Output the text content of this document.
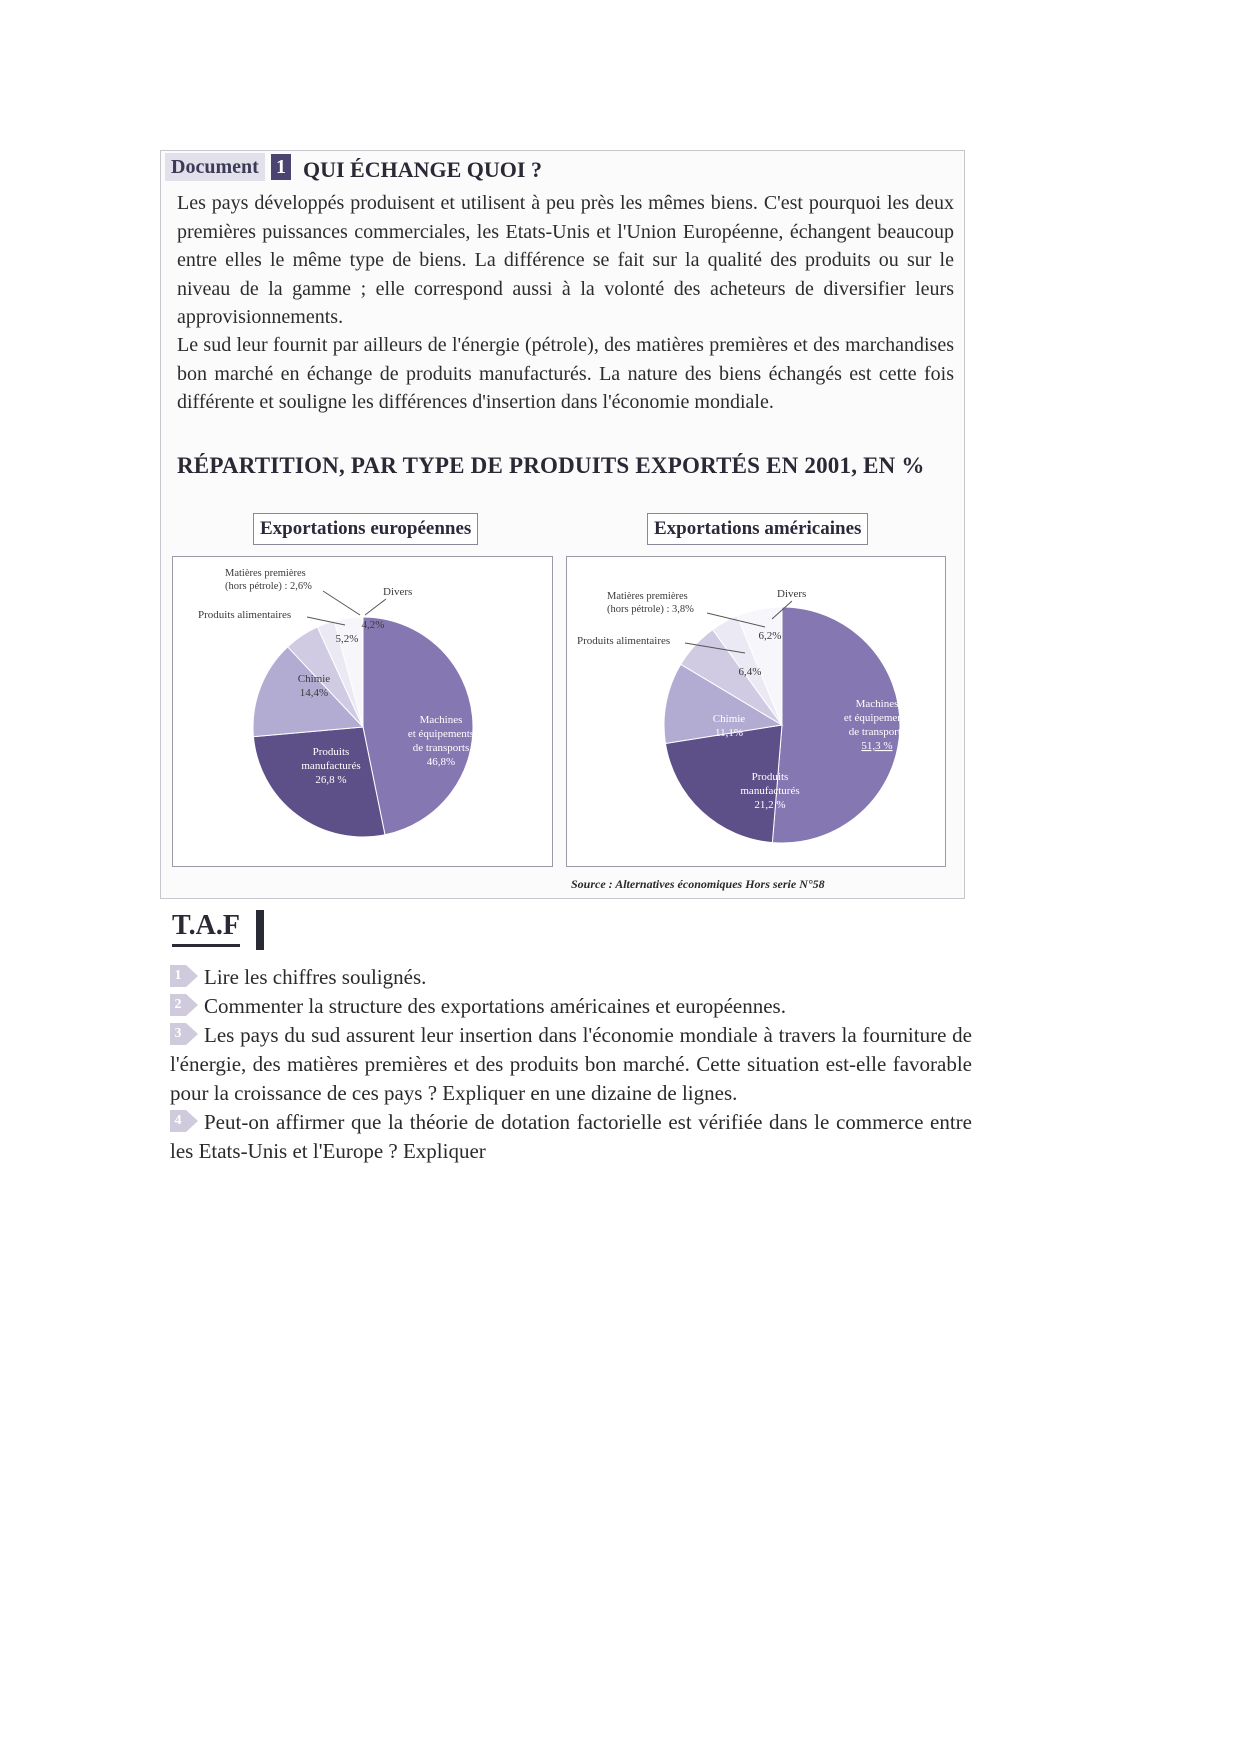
Document 1 QUI ÉCHANGE QUOI ?

Les pays développés produisent et utilisent à peu près les mêmes biens. C'est pourquoi les deux premières puissances commerciales, les Etats-Unis et l'Union Européenne, échangent beaucoup entre elles le même type de biens. La différence se fait sur la qualité des produits ou sur le niveau de la gamme ; elle correspond aussi à la volonté des acheteurs de diversifier leurs approvisionnements.

Le sud leur fournit par ailleurs de l'énergie (pétrole), des matières premières et des marchandises bon marché en échange de produits manufacturés. La nature des biens échangés est cette fois différente et souligne les différences d'insertion dans l'économie mondiale.

RÉPARTITION, PAR TYPE DE PRODUITS EXPORTÉS EN 2001, EN %
Exportations européennes	Exportations américaines
Machines
et équipements
de transports
46,8%
Produits
manufacturés
26,8 %
Chimie
14,4%
5,2%
Produits alimentaires
Matières premières
(hors pétrole) : 2,6%	Divers
4,2%
Machines
et équipements
de transports
51,3 %
Produits
manufacturés
21,2 %
Chimie
11,1%
6,4%
Produits alimentaires
Matières premières
(hors pétrole) : 3,8%
Divers
6,2%
Source : Alternatives économiques Hors serie N°58
T.A.F

1 Lire les chiffres soulignés.

2 Commenter la structure des exportations américaines et européennes.

3 Les pays du sud assurent leur insertion dans l'économie mondiale à travers la fourniture de l'énergie, des matières premières et des produits bon marché. Cette situation est-elle favorable pour la croissance de ces pays ? Expliquer en une dizaine de lignes.

4 Peut-on affirmer que la théorie de dotation factorielle est vérifiée dans le commerce entre les Etats-Unis et l'Europe ? Expliquer
